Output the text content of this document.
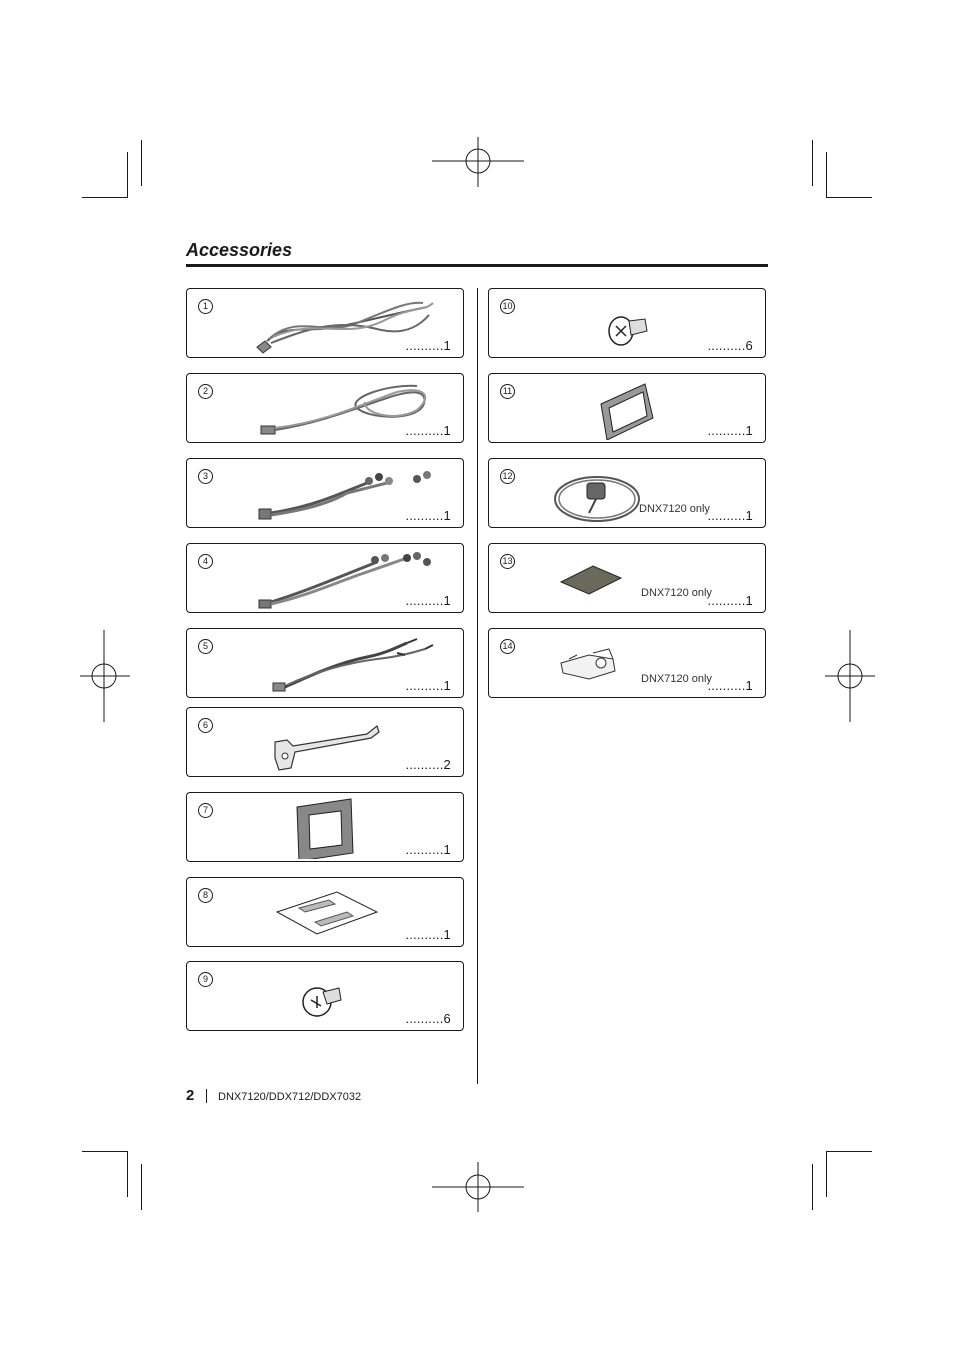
Accessories
1
..........1
2
..........1
3
..........1
4
..........1
5
..........1
6
..........2
7
..........1
8
..........1
9
..........6
10
..........6
11
..........1
12
DNX7120 only
..........1
13
DNX7120 only
..........1
14
DNX7120 only
..........1
2 DNX7120/DDX712/DDX7032
